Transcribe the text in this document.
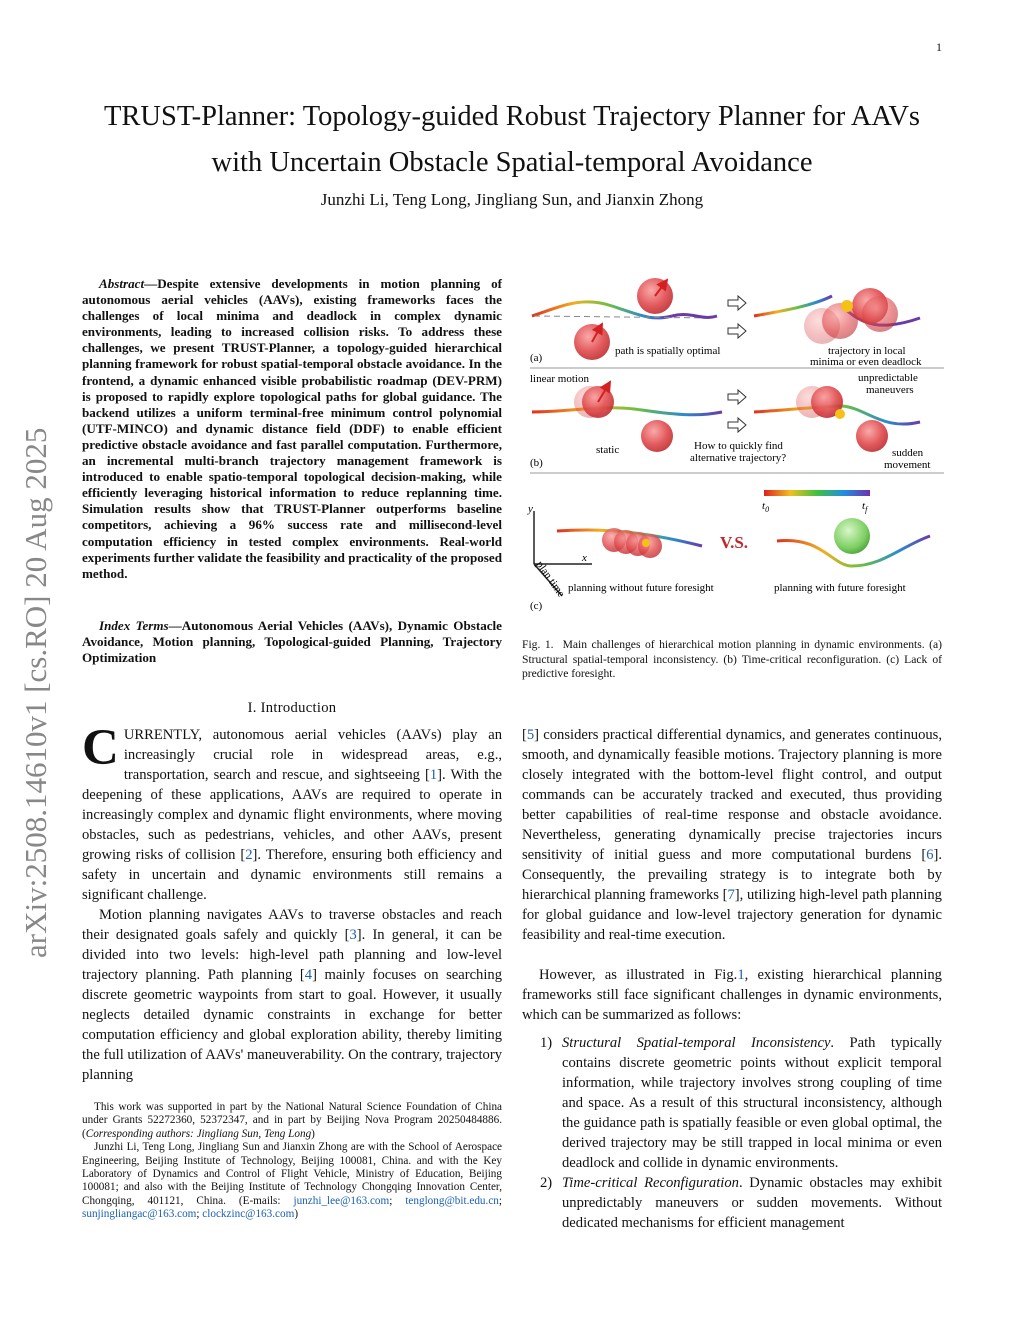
1
arXiv:2508.14610v1 [cs.RO] 20 Aug 2025
TRUST-Planner: Topology-guided Robust Trajectory Planner for AAVs with Uncertain Obstacle Spatial-temporal Avoidance
Junzhi Li, Teng Long, Jingliang Sun, and Jianxin Zhong
Abstract—Despite extensive developments in motion planning of autonomous aerial vehicles (AAVs), existing frameworks faces the challenges of local minima and deadlock in complex dynamic environments, leading to increased collision risks. To address these challenges, we present TRUST-Planner, a topology-guided hierarchical planning framework for robust spatial-temporal obstacle avoidance. In the frontend, a dynamic enhanced visible probabilistic roadmap (DEV-PRM) is proposed to rapidly explore topological paths for global guidance. The backend utilizes a uniform terminal-free minimum control polynomial (UTF-MINCO) and dynamic distance field (DDF) to enable efficient predictive obstacle avoidance and fast parallel computation. Furthermore, an incremental multi-branch trajectory management framework is introduced to enable spatio-temporal topological decision-making, while efficiently leveraging historical information to reduce replanning time. Simulation results show that TRUST-Planner outperforms baseline competitors, achieving a 96% success rate and millisecond-level computation efficiency in tested complex environments. Real-world experiments further validate the feasibility and practicality of the proposed method.
Index Terms—Autonomous Aerial Vehicles (AAVs), Dynamic Obstacle Avoidance, Motion planning, Topological-guided Planning, Trajectory Optimization
I. Introduction
CURRENTLY, autonomous aerial vehicles (AAVs) play an increasingly crucial role in widespread areas, e.g., transportation, search and rescue, and sightseeing [1]. With the deepening of these applications, AAVs are required to operate in increasingly complex and dynamic flight environments, where moving obstacles, such as pedestrians, vehicles, and other AAVs, present growing risks of collision [2]. Therefore, ensuring both efficiency and safety in uncertain and dynamic environments still remains a significant challenge.
Motion planning navigates AAVs to traverse obstacles and reach their designated goals safely and quickly [3]. In general, it can be divided into two levels: high-level path planning and low-level trajectory planning. Path planning [4] mainly focuses on searching discrete geometric waypoints from start to goal. However, it usually neglects detailed dynamic constraints in exchange for better computation efficiency and global exploration ability, thereby limiting the full utilization of AAVs' maneuverability. On the contrary, trajectory planning

This work was supported in part by the National Natural Science Foundation of China under Grants 52272360, 52372347, and in part by Beijing Nova Program 20250484886. (Corresponding authors: Jingliang Sun, Teng Long)

Junzhi Li, Teng Long, Jingliang Sun and Jianxin Zhong are with the School of Aerospace Engineering, Beijing Institute of Technology, Beijing 100081, China. and with the Key Laboratory of Dynamics and Control of Flight Vehicle, Ministry of Education, Beijing 100081; and also with the Beijing Institute of Technology Chongqing Innovation Center, Chongqing, 401121, China. (E-mails: junzhi_lee@163.com; tenglong@bit.edu.cn; sunjingliangac@163.com; clockzinc@163.com)

(a)
path is spatially optimal	trajectory in local
minima or even deadlock
linear motion
static
(b)
unpredictable
maneuvers
How to quickly find
alternative trajectory?	sudden
movement
y
x
plan time
V.S.
planning without future foresight
(c)
$t_0$	$t_f$
planning with future foresight
Fig. 1. Main challenges of hierarchical motion planning in dynamic environments. (a) Structural spatial-temporal inconsistency. (b) Time-critical reconfiguration. (c) Lack of predictive foresight.
[5] considers practical differential dynamics, and generates continuous, smooth, and dynamically feasible motions. Trajectory planning is more closely integrated with the bottom-level flight control, and output commands can be accurately tracked and executed, thus providing better capabilities of real-time response and obstacle avoidance. Nevertheless, generating dynamically precise trajectories incurs sensitivity of initial guess and more computational burdens [6]. Consequently, the prevailing strategy is to integrate both by hierarchical planning frameworks [7], utilizing high-level path planning for global guidance and low-level trajectory generation for dynamic feasibility and real-time execution.
However, as illustrated in Fig.1, existing hierarchical planning frameworks still face significant challenges in dynamic environments, which can be summarized as follows:

1) Structural Spatial-temporal Inconsistency. Path typically contains discrete geometric points without explicit temporal information, while trajectory involves strong coupling of time and space. As a result of this structural inconsistency, although the guidance path is spatially feasible or even global optimal, the derived trajectory may be still trapped in local minima or even deadlock and collide in dynamic environments.

2) Time-critical Reconfiguration. Dynamic obstacles may exhibit unpredictably maneuvers or sudden movements. Without dedicated mechanisms for efficient management
